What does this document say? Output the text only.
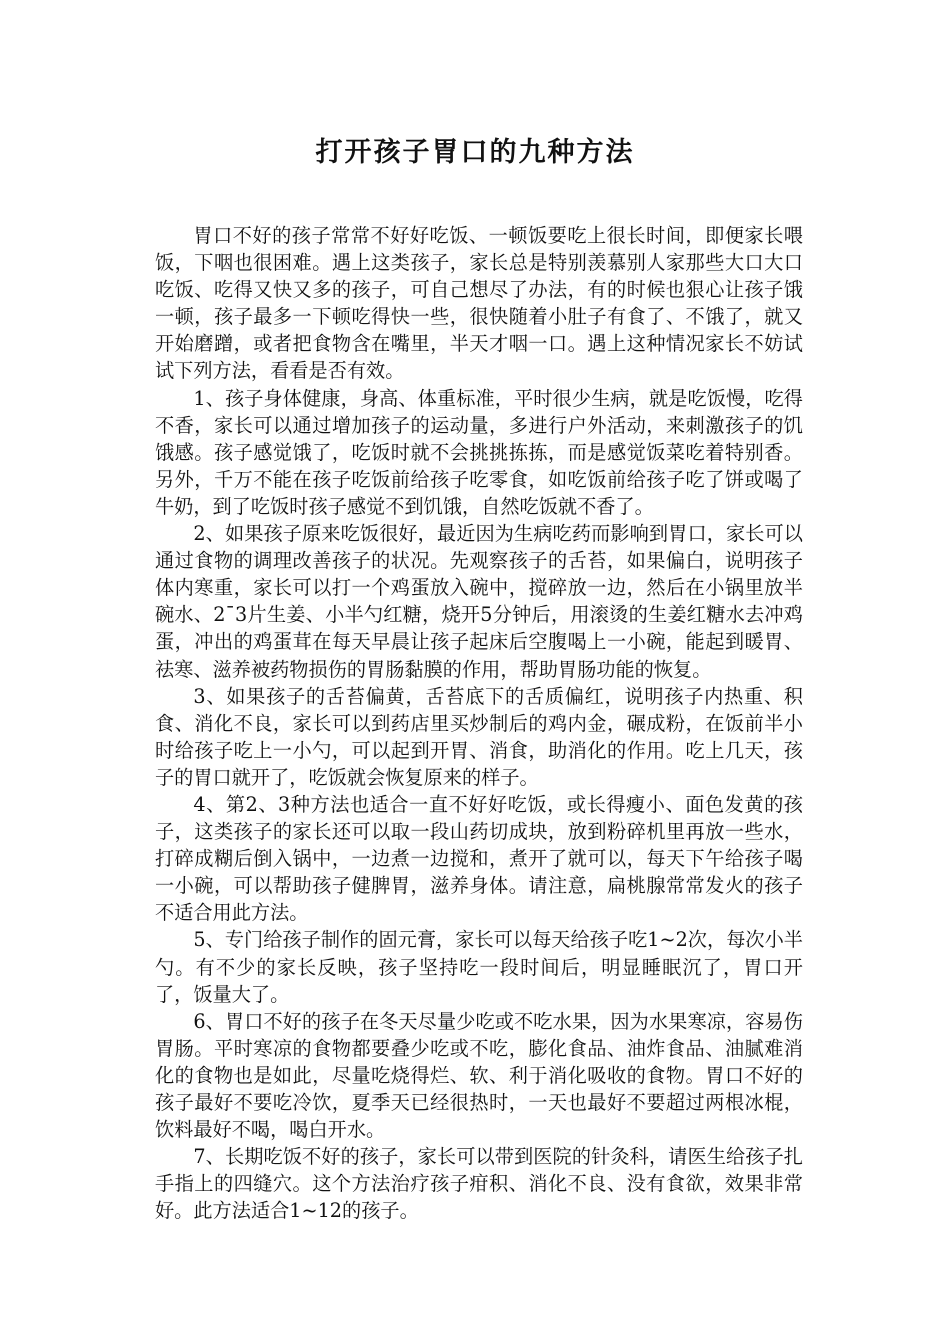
打开孩子胃口的九种方法

胃口不好的孩子常常不好好吃饭、一顿饭要吃上很长时间，即便家长喂饭，下咽也很困难。遇上这类孩子，家长总是特别羡慕别人家那些大口大口吃饭、吃得又快又多的孩子，可自己想尽了办法，有的时候也狠心让孩子饿一顿，孩子最多一下顿吃得快一些，很快随着小肚子有食了、不饿了，就又开始磨蹭，或者把食物含在嘴里，半天才咽一口。遇上这种情况家长不妨试试下列方法，看看是否有效。

1、孩子身体健康，身高、体重标准，平时很少生病，就是吃饭慢，吃得不香，家长可以通过增加孩子的运动量，多进行户外活动，来刺激孩子的饥饿感。孩子感觉饿了，吃饭时就不会挑挑拣拣，而是感觉饭菜吃着特别香。另外，千万不能在孩子吃饭前给孩子吃零食，如吃饭前给孩子吃了饼或喝了牛奶，到了吃饭时孩子感觉不到饥饿，自然吃饭就不香了。

2、如果孩子原来吃饭很好，最近因为生病吃药而影响到胃口，家长可以通过食物的调理改善孩子的状况。先观察孩子的舌苔，如果偏白，说明孩子体内寒重，家长可以打一个鸡蛋放入碗中，搅碎放一边，然后在小锅里放半碗水、2¯3片生姜、小半勺红糖，烧开5分钟后，用滚烫的生姜红糖水去冲鸡蛋，冲出的鸡蛋茸在每天早晨让孩子起床后空腹喝上一小碗，能起到暖胃、祛寒、滋养被药物损伤的胃肠黏膜的作用，帮助胃肠功能的恢复。

3、如果孩子的舌苔偏黄，舌苔底下的舌质偏红，说明孩子内热重、积食、消化不良，家长可以到药店里买炒制后的鸡内金，碾成粉，在饭前半小时给孩子吃上一小勺，可以起到开胃、消食，助消化的作用。吃上几天，孩子的胃口就开了，吃饭就会恢复原来的样子。

4、第2、3种方法也适合一直不好好吃饭，或长得瘦小、面色发黄的孩子，这类孩子的家长还可以取一段山药切成块，放到粉碎机里再放一些水，打碎成糊后倒入锅中，一边煮一边搅和，煮开了就可以，每天下午给孩子喝一小碗，可以帮助孩子健脾胃，滋养身体。请注意，扁桃腺常常发火的孩子不适合用此方法。

5、专门给孩子制作的固元膏，家长可以每天给孩子吃1~2次，每次小半勺。有不少的家长反映，孩子坚持吃一段时间后，明显睡眠沉了，胃口开了，饭量大了。

6、胃口不好的孩子在冬天尽量少吃或不吃水果，因为水果寒凉，容易伤胃肠。平时寒凉的食物都要叠少吃或不吃，膨化食品、油炸食品、油腻难消化的食物也是如此，尽量吃烧得烂、软、利于消化吸收的食物。胃口不好的孩子最好不要吃冷饮，夏季天已经很热时，一天也最好不要超过两根冰棍，饮料最好不喝，喝白开水。

7、长期吃饭不好的孩子，家长可以带到医院的针灸科，请医生给孩子扎手指上的四缝穴。这个方法治疗孩子疳积、消化不良、没有食欲，效果非常好。此方法适合1~12的孩子。
